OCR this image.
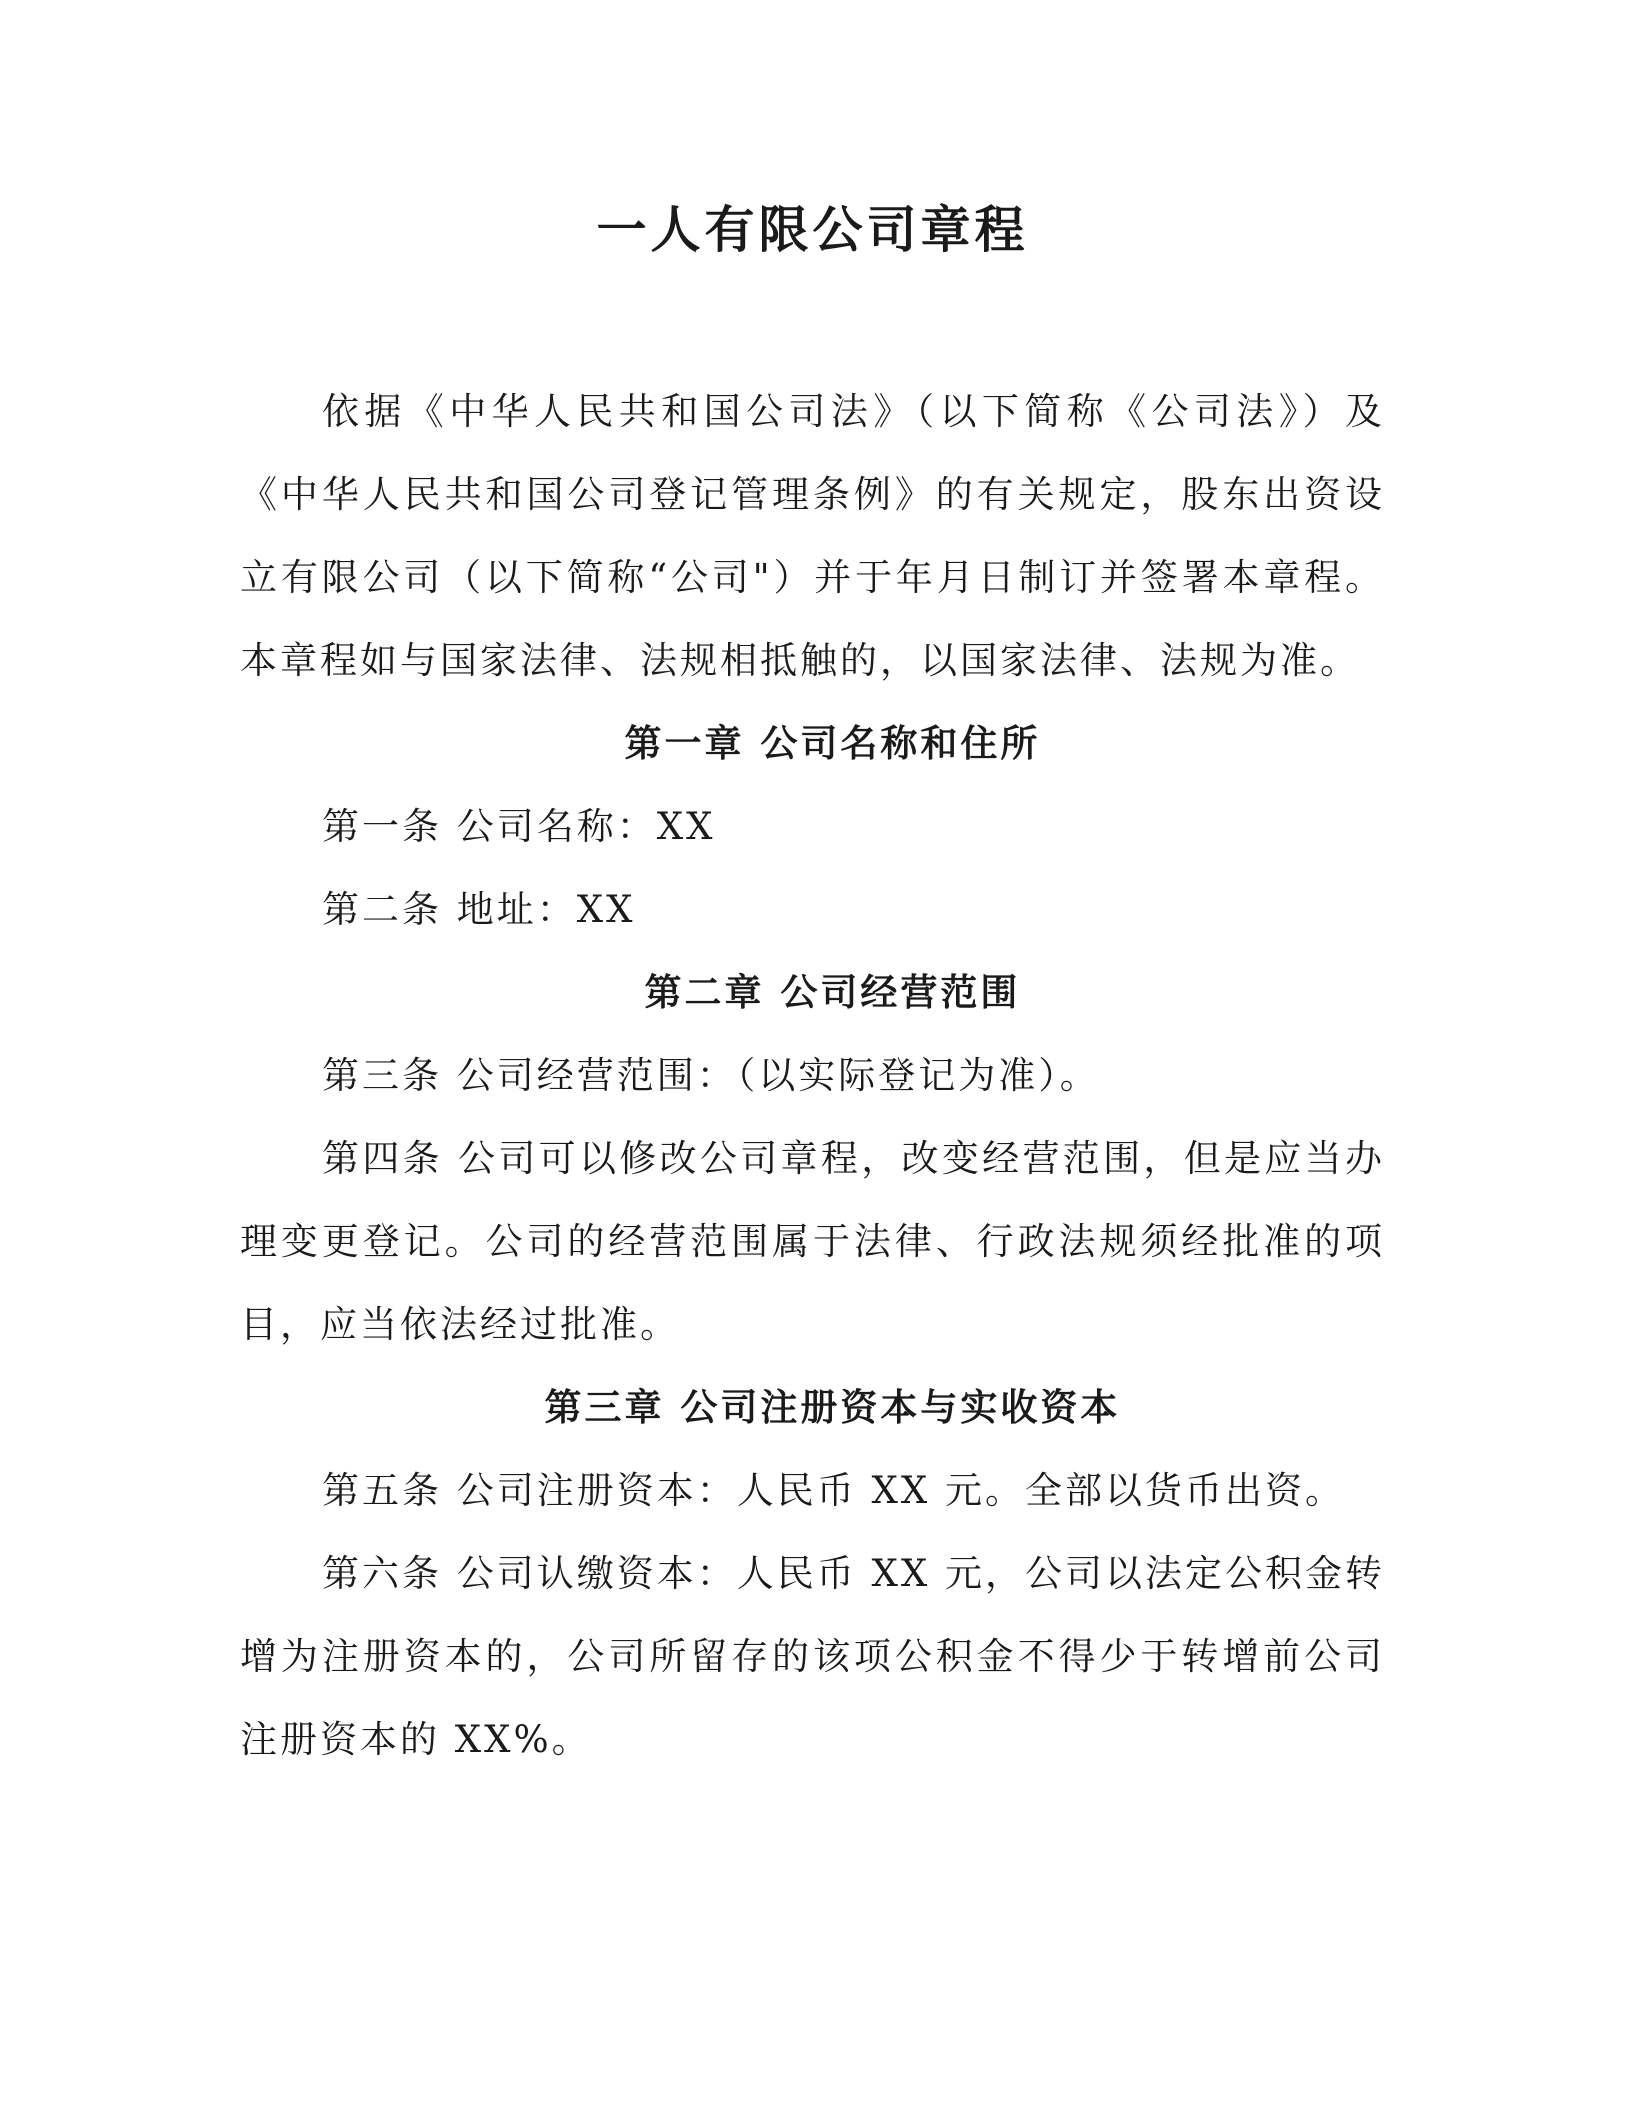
一人有限公司章程

依据《中华人民共和国公司法》（以下简称《公司法》）及《中华人民共和国公司登记管理条例》的有关规定，股东出资设立有限公司（以下简称“公司"）并于年月日制订并签署本章程。本章程如与国家法律、法规相抵触的，以国家法律、法规为准。

第一章 公司名称和住所

第一条 公司名称：XX

第二条 地址：XX

第二章 公司经营范围

第三条 公司经营范围：（以实际登记为准）。

第四条 公司可以修改公司章程，改变经营范围，但是应当办理变更登记。公司的经营范围属于法律、行政法规须经批准的项目，应当依法经过批准。

第三章 公司注册资本与实收资本

第五条 公司注册资本：人民币 XX 元。全部以货币出资。

第六条 公司认缴资本：人民币 XX 元，公司以法定公积金转增为注册资本的，公司所留存的该项公积金不得少于转增前公司注册资本的 XX%。
